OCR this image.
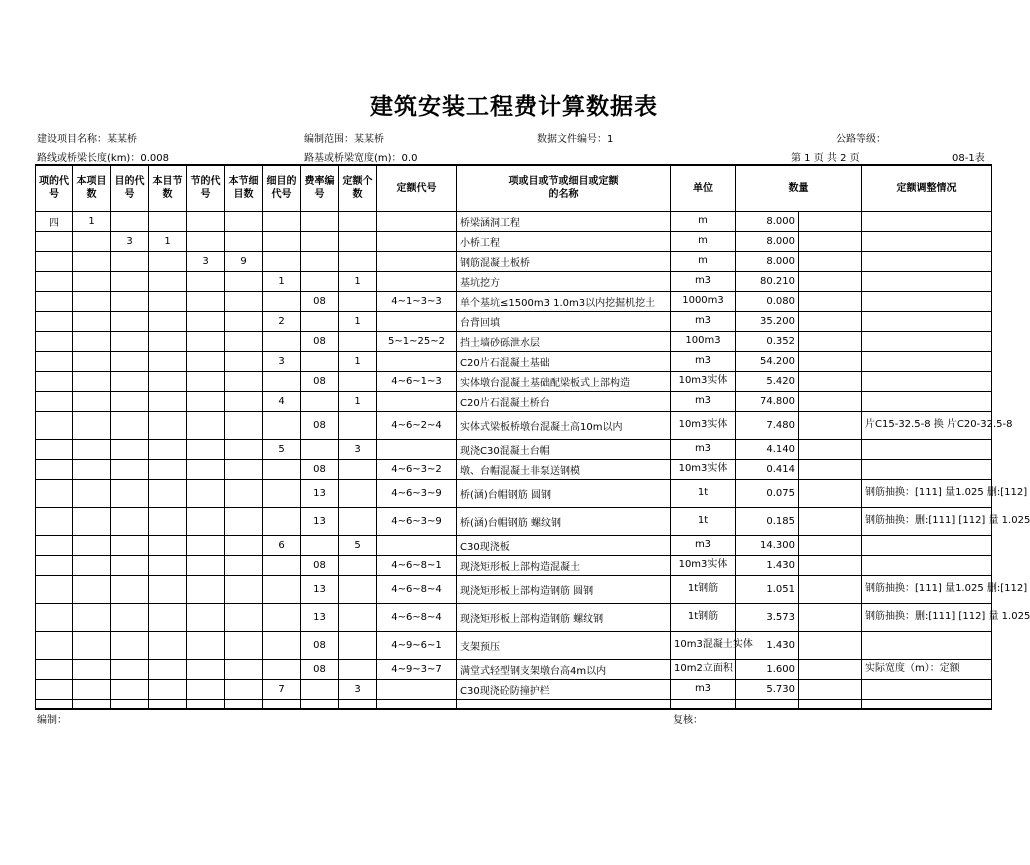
建筑安装工程费计算数据表
建设项目名称：某某桥	编制范围：某某桥	数据文件编号：1	公路等级：
路线或桥梁长度(km)：0.008	路基或桥梁宽度(m)：0.0	第 1 页 共 2 页	08-1表
项的代号	本项目数	目的代号	本目节数	节的代号	本节细目数	细目的代号	费率编号	定额个数	定额代号	项或目或节或细目或定额的名称	单位	数量		定额调整情况
四	1									桥梁涵洞工程	m	8.000		
		3	1							小桥工程	m	8.000		
				3	9					钢筋混凝土板桥	m	8.000		
						1		1		基坑挖方	m3	80.210		
							08		4~1~3~3	单个基坑≤1500m3 1.0m3以内挖掘机挖土	1000m3	0.080		
						2		1		台背回填	m3	35.200		
							08		5~1~25~2	挡土墙砂砾泄水层	100m3	0.352		
						3		1		C20片石混凝土基础	m3	54.200		
							08		4~6~1~3	实体墩台混凝土基础配梁板式上部构造	10m3实体	5.420		
						4		1		C20片石混凝土桥台	m3	74.800		
							08		4~6~2~4	实体式梁板桥墩台混凝土高10m以内	10m3实体	7.480		片C15-32.5-8 换 片C20-32.5-8
						5		3		现浇C30混凝土台帽	m3	4.140		
							08		4~6~3~2	墩、台帽混凝土非泵送钢模	10m3实体	0.414		
							13		4~6~3~9	桥(涵)台帽钢筋 圆钢	1t	0.075		钢筋抽换：[111] 量1.025 删:[112]
							13		4~6~3~9	桥(涵)台帽钢筋 螺纹钢	1t	0.185		钢筋抽换：删:[111] [112] 量 1.025
						6		5		C30现浇板	m3	14.300		
							08		4~6~8~1	现浇矩形板上部构造混凝土	10m3实体	1.430		
							13		4~6~8~4	现浇矩形板上部构造钢筋 圆钢	1t钢筋	1.051		钢筋抽换：[111] 量1.025 删:[112]
							13		4~6~8~4	现浇矩形板上部构造钢筋 螺纹钢	1t钢筋	3.573		钢筋抽换：删:[111] [112] 量 1.025
							08		4~9~6~1	支架预压	10m3混凝土实体	1.430		
							08		4~9~3~7	满堂式轻型钢支架墩台高4m以内	10m2立面积	1.600		实际宽度（m）：定额
						7		3		C30现浇砼防撞护栏	m3	5.730		

编制：	复核：
